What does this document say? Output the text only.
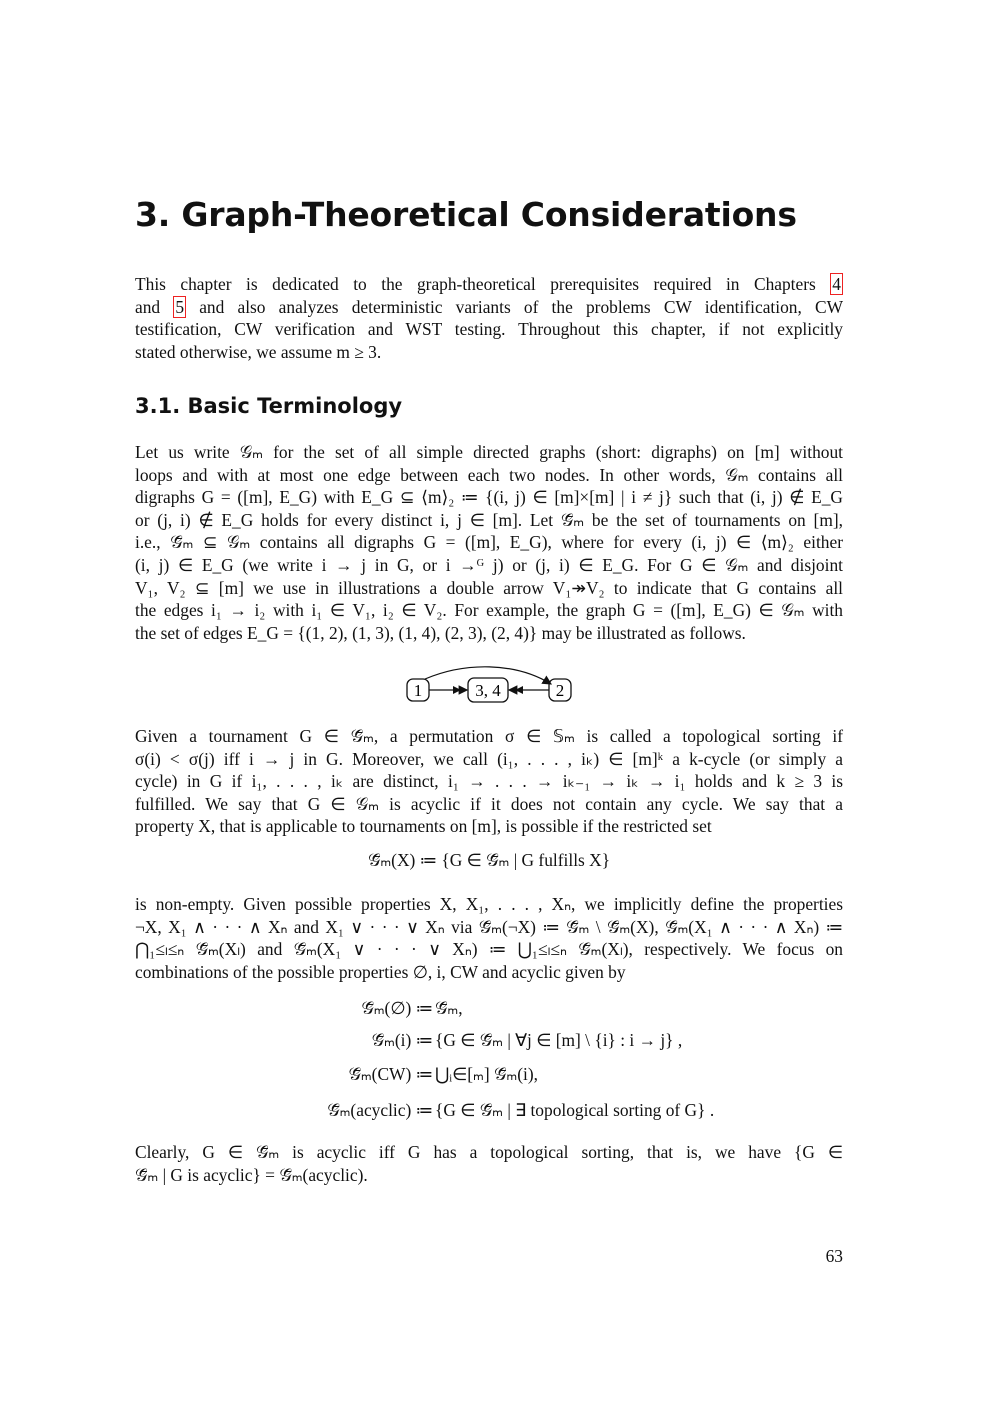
3. Graph-Theoretical Considerations
This chapter is dedicated to the graph-theoretical prerequisites required in Chapters 4
and 5 and also analyzes deterministic variants of the problems CW identification, CW
testification, CW verification and WST testing. Throughout this chapter, if not explicitly
stated otherwise, we assume m ≥ 3.
3.1. Basic Terminology
Let us write 𝒢ₘ for the set of all simple directed graphs (short: digraphs) on [m] without
loops and with at most one edge between each two nodes. In other words, 𝒢ₘ contains all
digraphs G = ([m], E_G) with E_G ⊆ ⟨m⟩₂ ≔ {(i, j) ∈ [m]×[m] | i ≠ j} such that (i, j) ∉ E_G
or (j, i) ∉ E_G holds for every distinct i, j ∈ [m]. Let 𝒢̄ₘ be the set of tournaments on [m],
i.e., 𝒢̄ₘ ⊆ 𝒢ₘ contains all digraphs G = ([m], E_G), where for every (i, j) ∈ ⟨m⟩₂ either
(i, j) ∈ E_G (we write i → j in G, or i →ᴳ j) or (j, i) ∈ E_G. For G ∈ 𝒢ₘ and disjoint
V₁, V₂ ⊆ [m] we use in illustrations a double arrow V₁↠V₂ to indicate that G contains all
the edges i₁ → i₂ with i₁ ∈ V₁, i₂ ∈ V₂. For example, the graph G = ([m], E_G) ∈ 𝒢ₘ with
the set of edges E_G = {(1, 2), (1, 3), (1, 4), (2, 3), (2, 4)} may be illustrated as follows.
1	3, 4	2
Given a tournament G ∈ 𝒢̄ₘ, a permutation σ ∈ 𝕊ₘ is called a topological sorting if
σ(i) < σ(j) iff i → j in G. Moreover, we call (i₁, . . . , iₖ) ∈ [m]ᵏ a k-cycle (or simply a
cycle) in G if i₁, . . . , iₖ are distinct, i₁ → . . . → iₖ₋₁ → iₖ → i₁ holds and k ≥ 3 is
fulfilled. We say that G ∈ 𝒢ₘ is acyclic if it does not contain any cycle. We say that a
property X, that is applicable to tournaments on [m], is possible if the restricted set
𝒢̄ₘ(X) ≔ {G ∈ 𝒢̄ₘ | G fulfills X}
is non-empty. Given possible properties X, X₁, . . . , Xₙ, we implicitly define the properties
¬X, X₁ ∧ · · · ∧ Xₙ and X₁ ∨ · · · ∨ Xₙ via 𝒢̄ₘ(¬X) ≔ 𝒢̄ₘ \ 𝒢̄ₘ(X), 𝒢̄ₘ(X₁ ∧ · · · ∧ Xₙ) ≔
⋂₁≤ₗ≤ₙ 𝒢̄ₘ(Xₗ) and 𝒢̄ₘ(X₁ ∨ · · · ∨ Xₙ) ≔ ⋃₁≤ₗ≤ₙ 𝒢̄ₘ(Xₗ), respectively. We focus on
combinations of the possible properties ∅, i, CW and acyclic given by
𝒢̄ₘ(∅) ≔ 𝒢̄ₘ,
𝒢̄ₘ(i) ≔ {G ∈ 𝒢̄ₘ | ∀j ∈ [m] \ {i} : i → j} ,
𝒢̄ₘ(CW) ≔ ⋃ᵢ∈[ₘ] 𝒢̄ₘ(i),
𝒢̄ₘ(acyclic) ≔ {G ∈ 𝒢̄ₘ | ∃ topological sorting of G} .
Clearly, G ∈ 𝒢̄ₘ is acyclic iff G has a topological sorting, that is, we have {G ∈
𝒢̄ₘ | G is acyclic} = 𝒢̄ₘ(acyclic).
63
